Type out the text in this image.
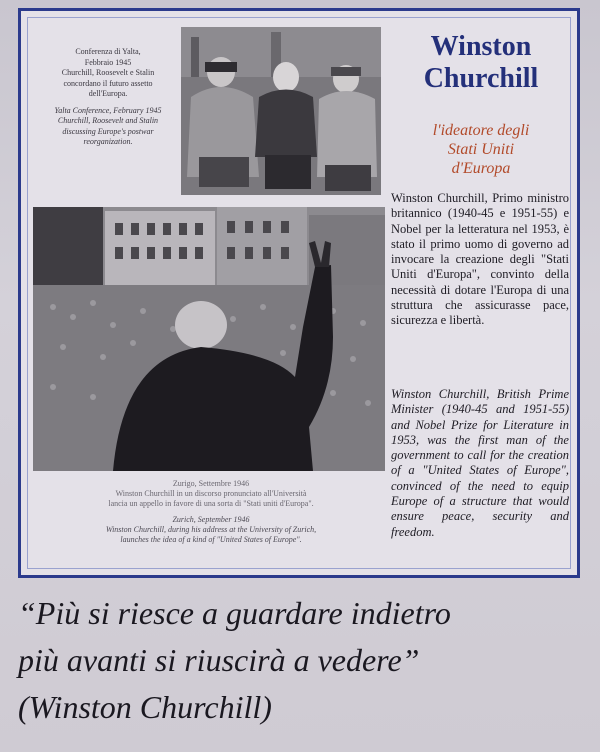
Conferenza di Yalta,
Febbraio 1945
Churchill, Roosevelt e Stalin
concordano il futuro assetto
dell'Europa.
Yalta Conference, February 1945
Churchill, Roosevelt and Stalin
discussing Europe's postwar
reorganization.
Winston
Churchill
l'ideatore degli
Stati Uniti
d'Europa
Zurigo, Settembre 1946
Winston Churchill in un discorso pronunciato all'Università
lancia un appello in favore di una sorta di "Stati uniti d'Europa".
Zurich, September 1946
Winston Churchill, during his address at the University of Zurich,
launches the idea of a kind of "United States of Europe".
Winston Churchill, Primo ministro britannico (1940-45 e 1951-55) e Nobel per la letteratura nel 1953, è stato il primo uomo di governo ad invocare la creazione degli "Stati Uniti d'Europa", convinto della necessità di dotare l'Europa di una struttura che assicurasse pace, sicurezza e libertà.
Winston Churchill, British Prime Minister (1940-45 and 1951-55) and Nobel Prize for Literature in 1953, was the first man of the government to call for the creation of a "United States of Europe", convinced of the need to equip Europe of a structure that would ensure peace, security and freedom.
“Più si riesce a guardare indietro
più avanti si riuscirà a vedere”
(Winston Churchill)
